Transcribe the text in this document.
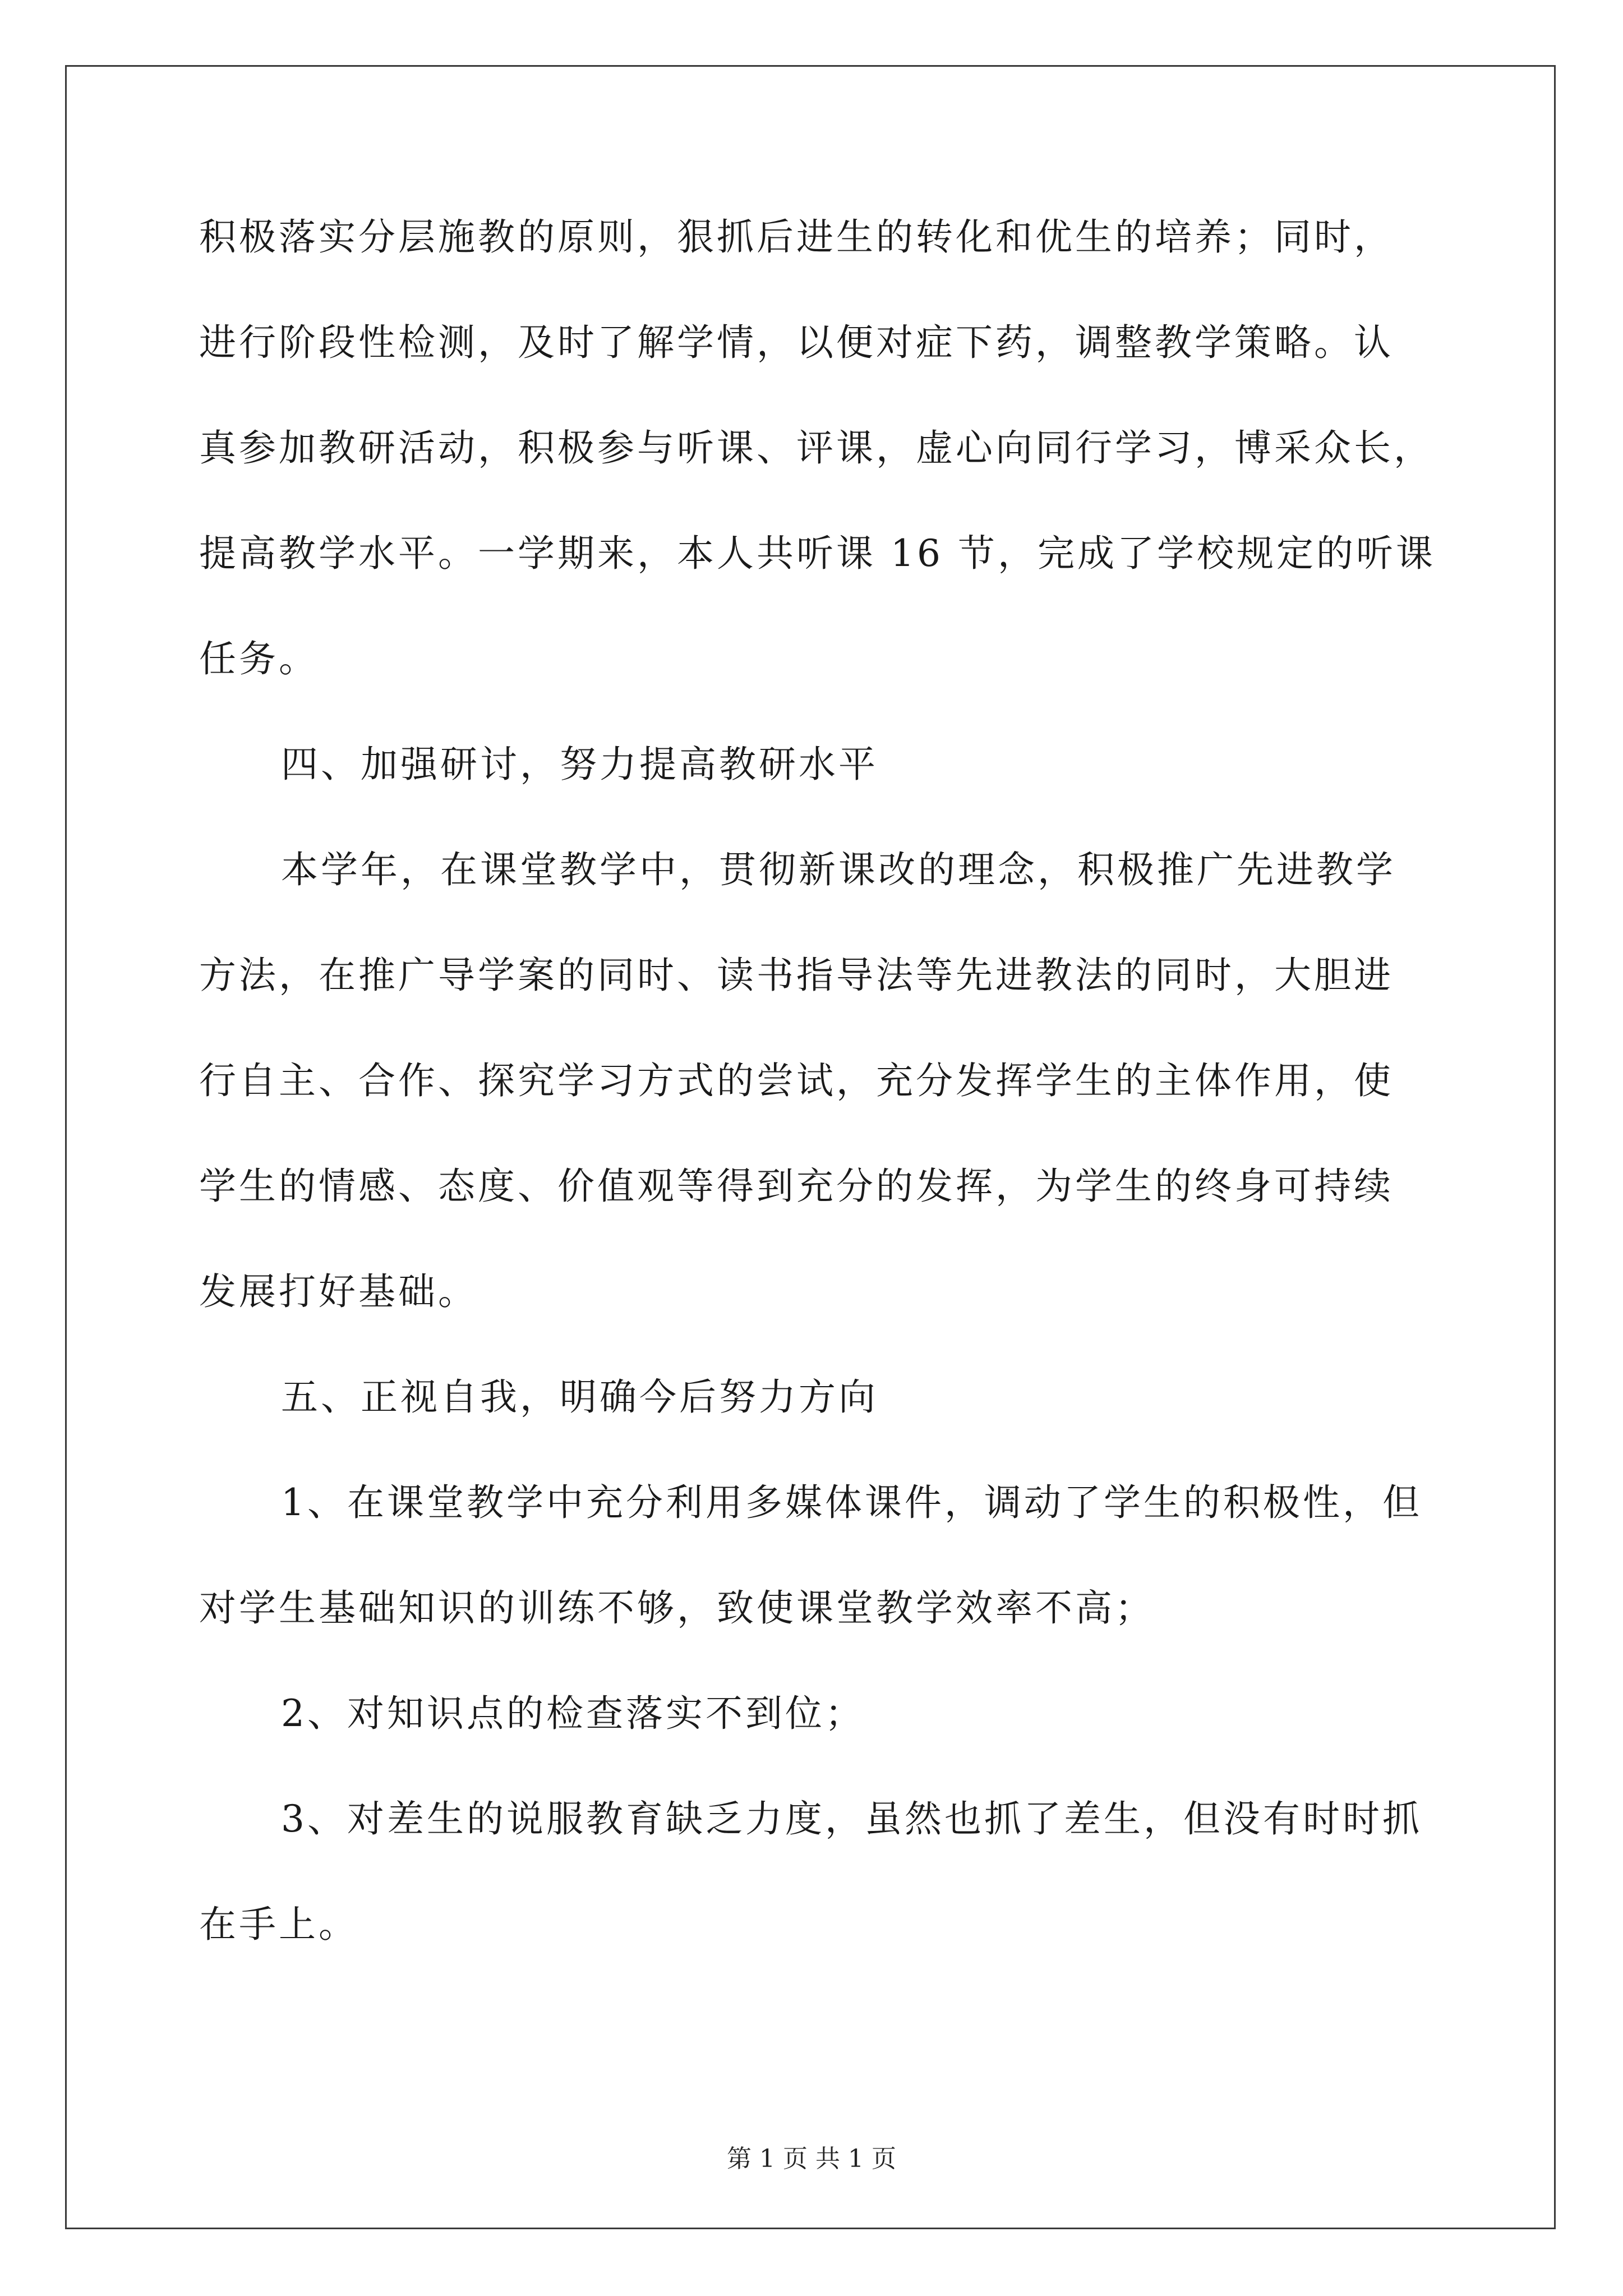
积极落实分层施教的原则，狠抓后进生的转化和优生的培养；同时，
进行阶段性检测，及时了解学情，以便对症下药，调整教学策略。认
真参加教研活动，积极参与听课、评课，虚心向同行学习，博采众长，
提高教学水平。一学期来，本人共听课 16 节，完成了学校规定的听课
任务。
四、加强研讨，努力提高教研水平
本学年，在课堂教学中，贯彻新课改的理念，积极推广先进教学
方法，在推广导学案的同时、读书指导法等先进教法的同时，大胆进
行自主、合作、探究学习方式的尝试，充分发挥学生的主体作用，使
学生的情感、态度、价值观等得到充分的发挥，为学生的终身可持续
发展打好基础。
五、正视自我，明确今后努力方向
1、在课堂教学中充分利用多媒体课件，调动了学生的积极性，但
对学生基础知识的训练不够，致使课堂教学效率不高；
2、对知识点的检查落实不到位；
3、对差生的说服教育缺乏力度，虽然也抓了差生，但没有时时抓
在手上。
第 1 页 共 1 页
